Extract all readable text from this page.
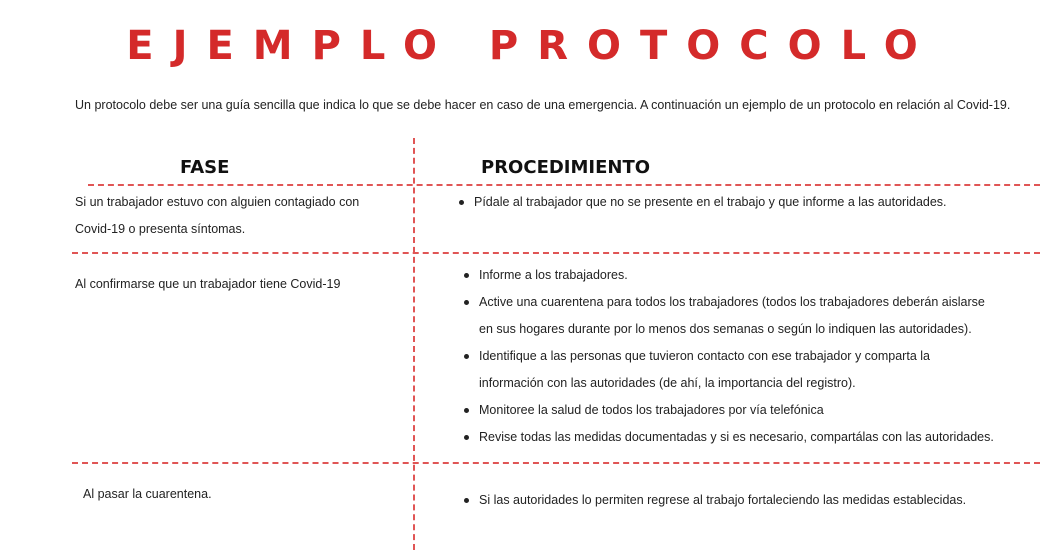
EJEMPLO PROTOCOLO
Un protocolo debe ser una guía sencilla que indica lo que se debe hacer en caso de una emergencia. A continuación un ejemplo de un protocolo en relación al Covid-19.
FASE	PROCEDIMIENTO
Si un trabajador estuvo con alguien contagiado con
Covid-19 o presenta síntomas.
Pídale al trabajador que no se presente en el trabajo y que informe a las autoridades.
Al confirmarse que un trabajador tiene Covid-19
Informe a los trabajadores.
Active una cuarentena para todos los trabajadores (todos los trabajadores deberán aislarse
en sus hogares durante por lo menos dos semanas o según lo indiquen las autoridades).
Identifique a las personas que tuvieron contacto con ese trabajador y comparta la
información con las autoridades (de ahí, la importancia del registro).
Monitoree la salud de todos los trabajadores por vía telefónica
Revise todas las medidas documentadas y si es necesario, compartálas con las autoridades.
Al pasar la cuarentena.	Si las autoridades lo permiten regrese al trabajo fortaleciendo las medidas establecidas.
